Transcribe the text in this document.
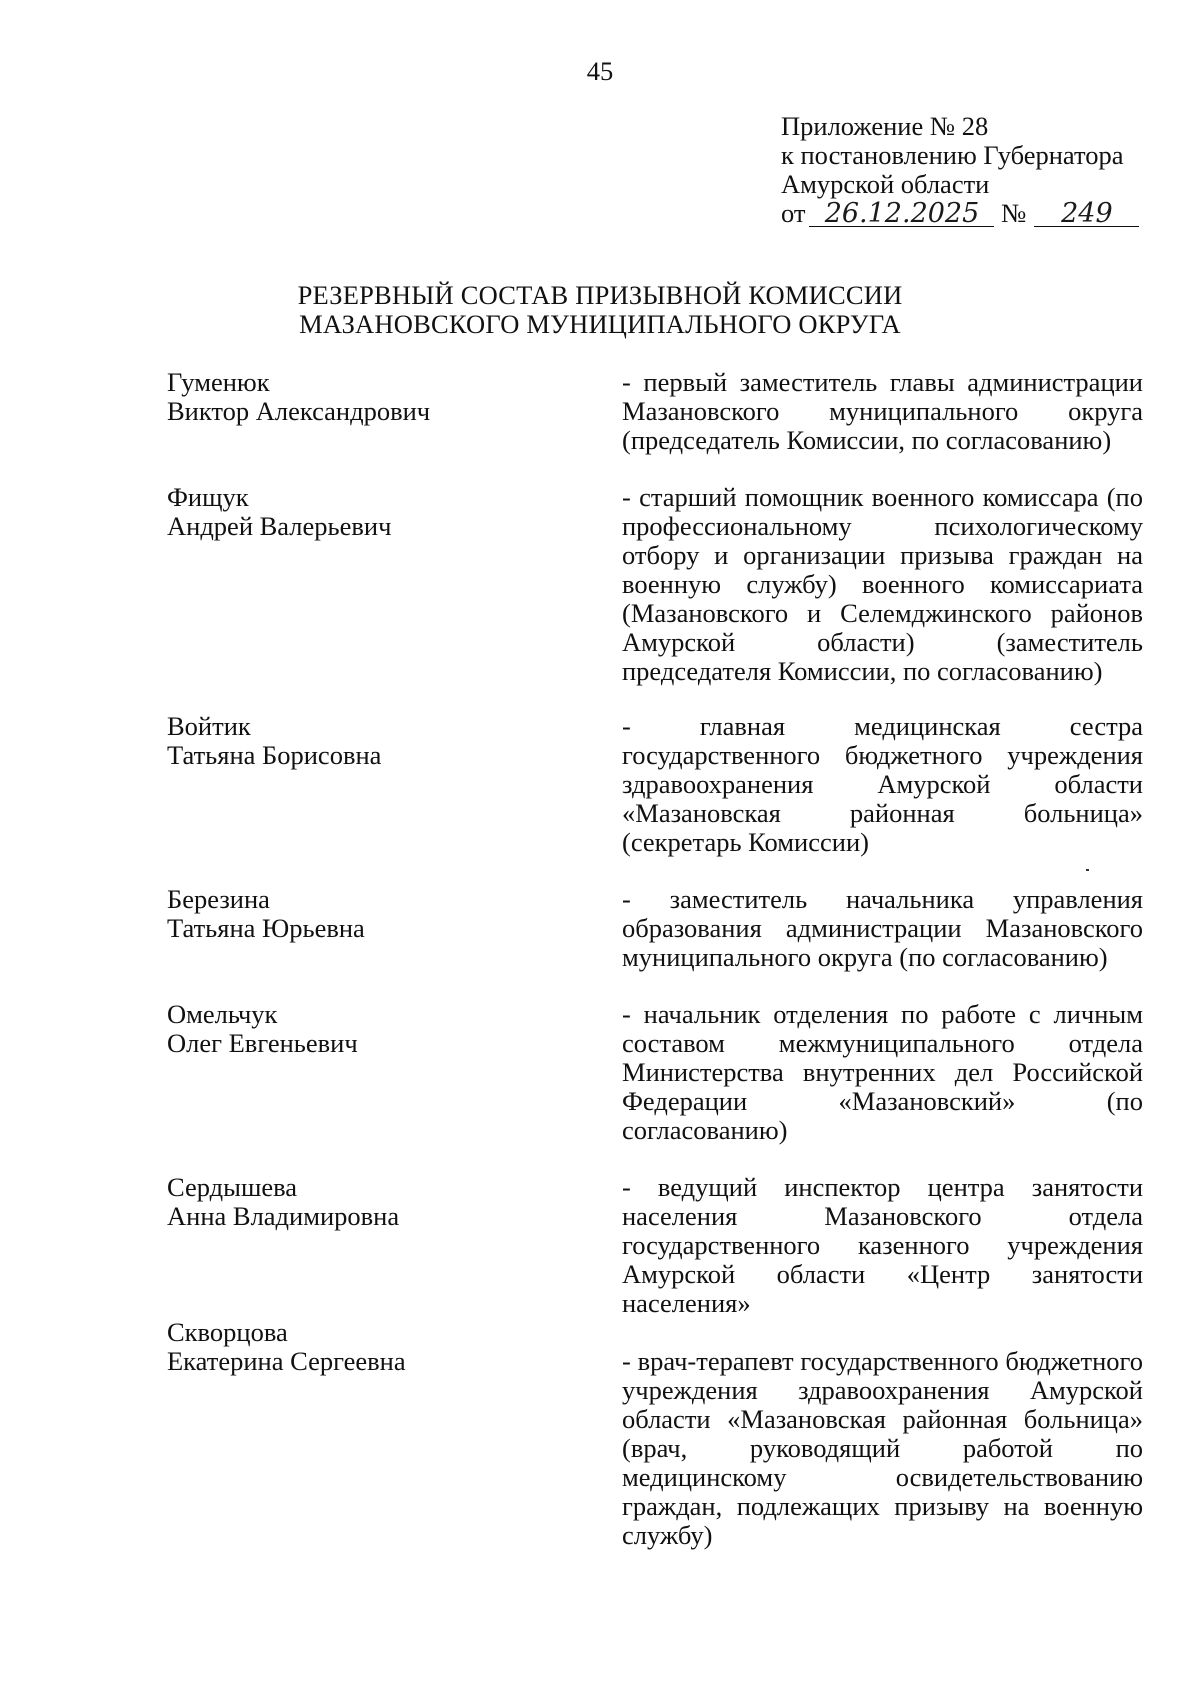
45
Приложение № 28
к постановлению Губернатора
Амурской области
от 26.12.2025 № 249
РЕЗЕРВНЫЙ СОСТАВ ПРИЗЫВНОЙ КОМИССИИ
МАЗАНОВСКОГО МУНИЦИПАЛЬНОГО ОКРУГА
Гуменюк
Виктор Александрович
- первый заместитель главы администрации Мазановского муниципального округа (председатель Комиссии, по согласованию)
Фищук
Андрей Валерьевич
- старший помощник военного комиссара (по профессиональному психологическому отбору и организации призыва граждан на военную службу) военного комиссариата (Мазановского и Селемджинского районов Амурской области) (заместитель председателя Комиссии, по согласованию)
Войтик
Татьяна Борисовна
- главная медицинская сестра государственного бюджетного учреждения здравоохранения Амурской области «Мазановская районная больница» (секретарь Комиссии)
Березина
Татьяна Юрьевна
- заместитель начальника управления образования администрации Мазановского муниципального округа (по согласованию)
Омельчук
Олег Евгеньевич
- начальник отделения по работе с личным составом межмуниципального отдела Министерства внутренних дел Российской Федерации «Мазановский» (по согласованию)
Сердышева
Анна Владимировна
- ведущий инспектор центра занятости населения Мазановского отдела государственного казенного учреждения Амурской области «Центр занятости населения»
Скворцова
Екатерина Сергеевна	- врач-терапевт государственного бюджетного учреждения здравоохранения Амурской области «Мазановская районная больница» (врач, руководящий работой по медицинскому освидетельствованию граждан, подлежащих призыву на военную службу)
